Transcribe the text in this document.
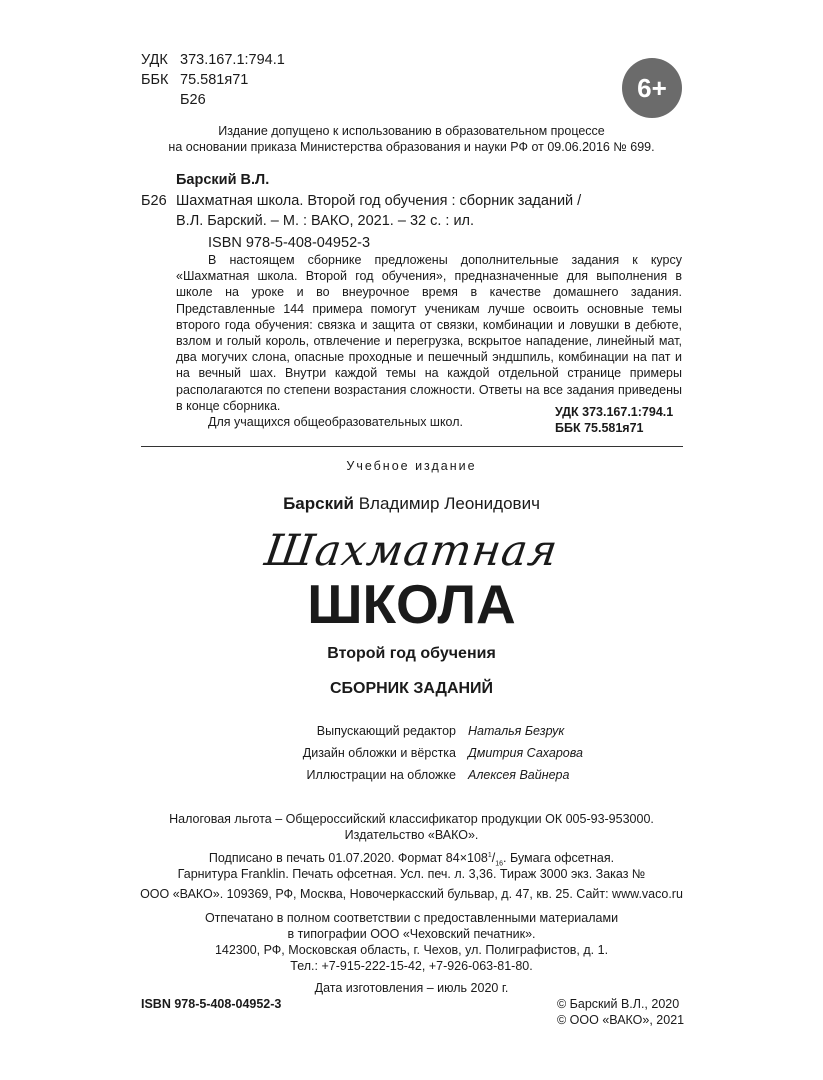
УДК 373.167.1:794.1
ББК 75.581я71
Б26	6+
Издание допущено к использованию в образовательном процессе
на основании приказа Министерства образования и науки РФ от 09.06.2016 № 699.
Барский В.Л.
Б26 Шахматная школа. Второй год обучения : сборник заданий /
В.Л. Барский. – М. : ВАКО, 2021. – 32 с. : ил.
ISBN 978-5-408-04952-3

В настоящем сборнике предложены дополнительные задания к курсу «Шахматная школа. Второй год обучения», предназначенные для выполнения в школе на уроке и во внеурочное время в качестве домашнего задания. Представленные 144 примера помогут ученикам лучше освоить основные темы второго года обучения: связка и защита от связки, комбинации и ловушки в дебюте, взлом и голый король, отвлечение и перегрузка, вскрытое нападение, линейный мат, два могучих слона, опасные проходные и пешечный эндшпиль, комбинации на пат и на вечный шах. Внутри каждой темы на каждой отдельной странице примеры располагаются по степени возрастания сложности. Ответы на все задания приведены в конце сборника.

Для учащихся общеобразовательных школ.

УДК 373.167.1:794.1
ББК 75.581я71
Учебное издание
Барский Владимир Леонидович
Шахматная
ШКОЛА
Второй год обучения
СБОРНИК ЗАДАНИЙ
Выпускающий редактор Наталья Безрук
Дизайн обложки и вёрстка Дмитрия Сахарова
Иллюстрации на обложке Алексея Вайнера
Налоговая льгота – Общероссийский классификатор продукции ОК 005-93-953000.
Издательство «ВАКО».
Подписано в печать 01.07.2020. Формат $84\times 108^1/_{16}$. Бумага офсетная.
Гарнитура Franklin. Печать офсетная. Усл. печ. л. 3,36. Тираж 3000 экз. Заказ №
ООО «ВАКО». 109369, РФ, Москва, Новочеркасский бульвар, д. 47, кв. 25. Сайт: www.vaco.ru
Отпечатано в полном соответствии с предоставленными материалами
в типографии ООО «Чеховский печатник».
142300, РФ, Московская область, г. Чехов, ул. Полиграфистов, д. 1.
Тел.: +7-915-222-15-42, +7-926-063-81-80.
Дата изготовления – июль 2020 г.
ISBN 978-5-408-04952-3	© Барский В.Л., 2020
© ООО «ВАКО», 2021
